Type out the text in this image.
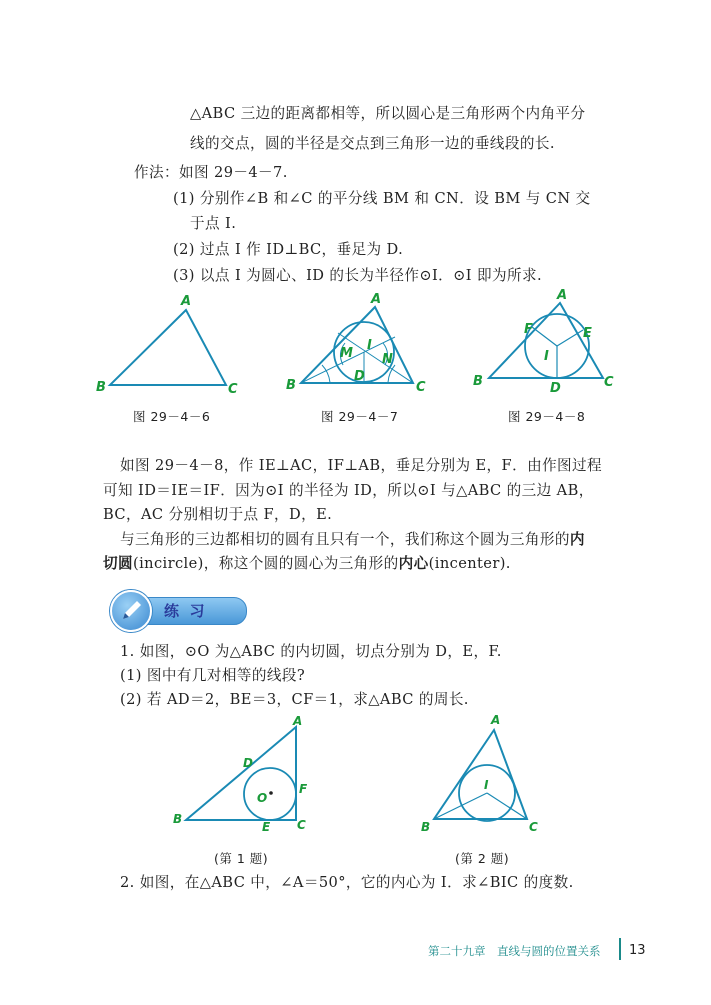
△ABC 三边的距离都相等，所以圆心是三角形两个内角平分
线的交点，圆的半径是交点到三角形一边的垂线段的长.
作法：如图 29－4－7.
(1) 分别作∠B 和∠C 的平分线 BM 和 CN．设 BM 与 CN 交
于点 I.
(2) 过点 I 作 ID⊥BC，垂足为 D.
(3) 以点 I 为圆心、ID 的长为半径作⊙I．⊙I 即为所求.
A
B	C
A
B	C
M N
I
D
A
B	C
F	E
I
D
图 29－4－6	图 29－4－7	图 29－4－8
如图 29－4－8，作 IE⊥AC，IF⊥AB，垂足分别为 E，F．由作图过程
可知 ID＝IE＝IF．因为⊙I 的半径为 ID，所以⊙I 与△ABC 的三边 AB，
BC，AC 分别相切于点 F，D，E.
与三角形的三边都相切的圆有且只有一个，我们称这个圆为三角形的内
切圆(incircle)，称这个圆的圆心为三角形的内心(incenter).
练  习
1. 如图，⊙O 为△ABC 的内切圆，切点分别为 D，E，F.
(1) 图中有几对相等的线段?
(2) 若 AD＝2，BE＝3，CF＝1，求△ABC 的周长.
A
D
F
O
B
E C
A
I
B	C
(第 1 题)	(第 2 题)
2. 如图，在△ABC 中，∠A＝50°，它的内心为 I．求∠BIC 的度数.
第二十九章　直线与圆的位置关系 13
